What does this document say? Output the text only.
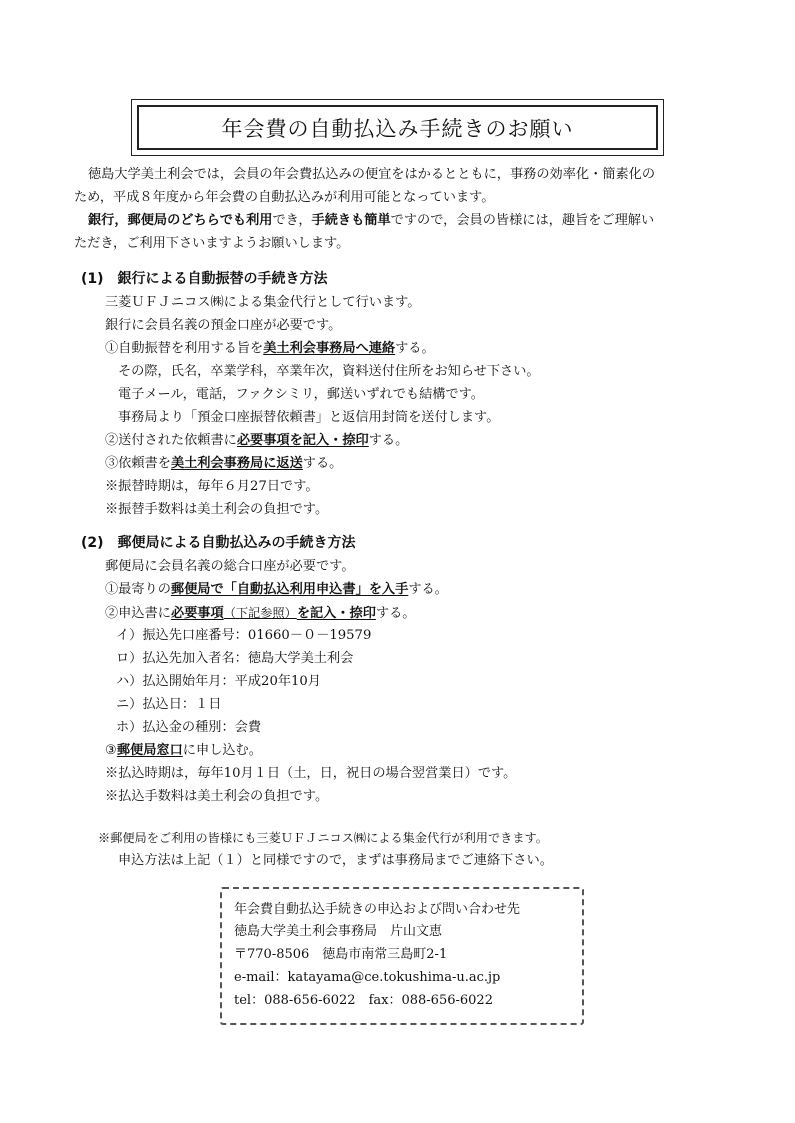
年会費の自動払込み手続きのお願い
徳島大学美土利会では，会員の年会費払込みの便宜をはかるとともに，事務の効率化・簡素化の
ため，平成８年度から年会費の自動払込みが利用可能となっています。
銀行，郵便局のどちらでも利用でき，手続きも簡単ですので，会員の皆様には，趣旨をご理解い
ただき，ご利用下さいますようお願いします。
(1)　銀行による自動振替の手続き方法
三菱ＵＦＪニコス㈱による集金代行として行います。
銀行に会員名義の預金口座が必要です。
①自動振替を利用する旨を美土利会事務局へ連絡する。
その際，氏名，卒業学科，卒業年次，資料送付住所をお知らせ下さい。
電子メール，電話，ファクシミリ，郵送いずれでも結構です。
事務局より「預金口座振替依頼書」と返信用封筒を送付します。
②送付された依頼書に必要事項を記入・捺印する。
③依頼書を美土利会事務局に返送する。
※振替時期は，毎年６月27日です。
※振替手数料は美土利会の負担です。
(2)　郵便局による自動払込みの手続き方法
郵便局に会員名義の総合口座が必要です。
①最寄りの郵便局で「自動払込利用申込書」を入手する。
②申込書に必要事項（下記参照）を記入・捺印する。
イ）振込先口座番号：01660－０－19579
ロ）払込先加入者名：徳島大学美土利会
ハ）払込開始年月：平成20年10月
ニ）払込日：１日
ホ）払込金の種別：会費
③郵便局窓口に申し込む。
※払込時期は，毎年10月１日（土，日，祝日の場合翌営業日）です。
※払込手数料は美土利会の負担です。
※郵便局をご利用の皆様にも三菱ＵＦＪニコス㈱による集金代行が利用できます。
申込方法は上記（１）と同様ですので，まずは事務局までご連絡下さい。
年会費自動払込手続きの申込および問い合わせ先
徳島大学美土利会事務局　片山文恵
〒770-8506　徳島市南常三島町2-1
e-mail：katayama@ce.tokushima-u.ac.jp
tel：088-656-6022　fax：088-656-6022
